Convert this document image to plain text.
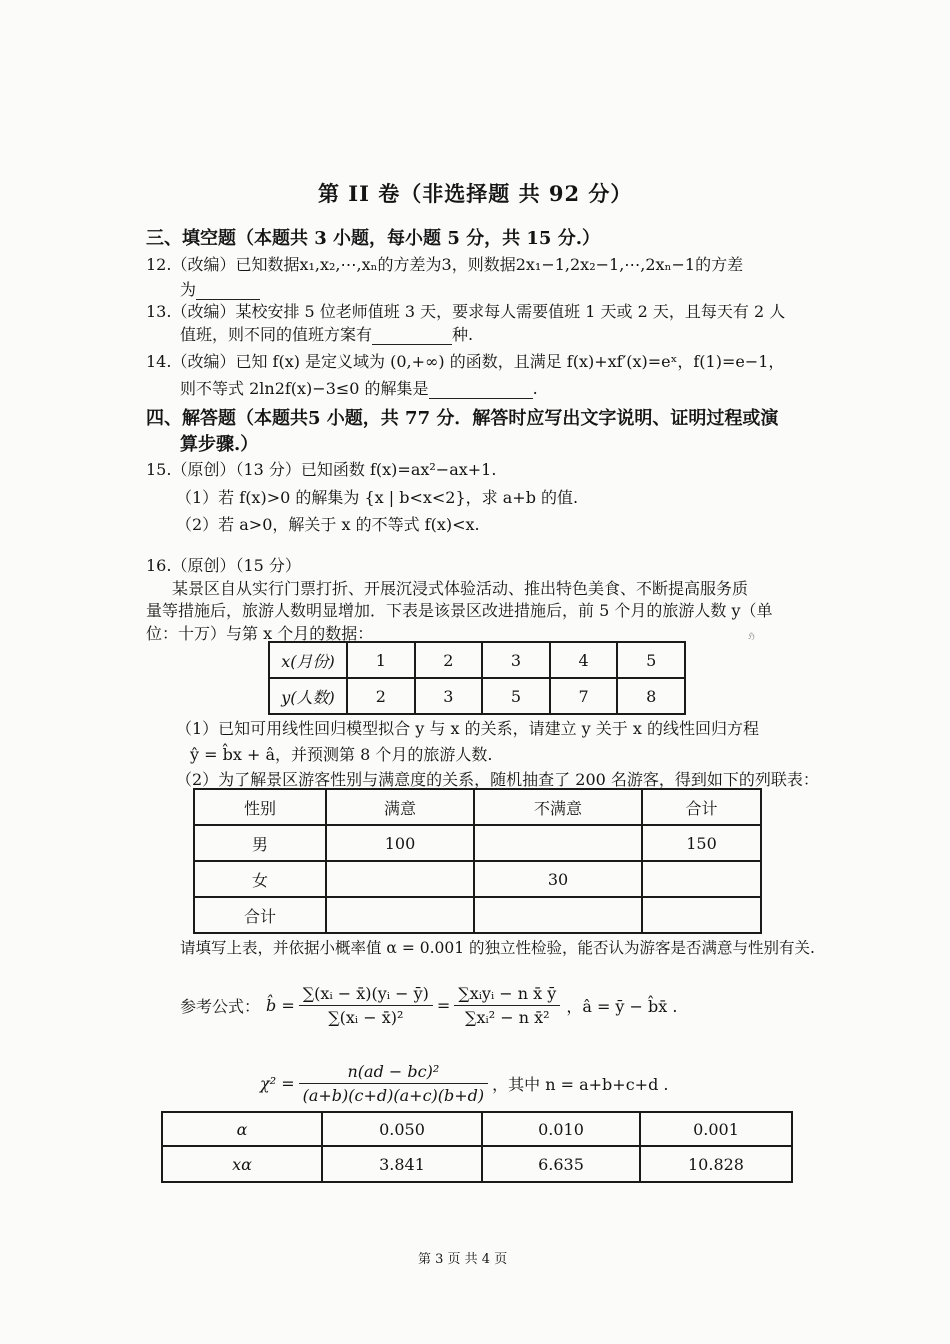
第 II 卷（非选择题 共 92 分）
三、填空题（本题共 3 小题，每小题 5 分，共 15 分.）
12.（改编）已知数据x₁,x₂,⋯,xₙ的方差为3，则数据2x₁−1,2x₂−1,⋯,2xₙ−1的方差
为
13.（改编）某校安排 5 位老师值班 3 天，要求每人需要值班 1 天或 2 天，且每天有 2 人
值班，则不同的值班方案有	种.
14.（改编）已知 f(x) 是定义域为 (0,+∞) 的函数，且满足 f(x)+xf′(x)=eˣ，f(1)=e−1，
则不等式 2ln2f(x)−3≤0 的解集是	.
四、解答题（本题共5 小题，共 77 分．解答时应写出文字说明、证明过程或演
算步骤.）
15.（原创）（13 分）已知函数 f(x)=ax²−ax+1.
（1）若 f(x)>0 的解集为 {x | b<x<2}，求 a+b 的值.
（2）若 a>0，解关于 x 的不等式 f(x)<x.
16.（原创）（15 分）
某景区自从实行门票打折、开展沉浸式体验活动、推出特色美食、不断提高服务质
量等措施后，旅游人数明显增加．下表是该景区改进措施后，前 5 个月的旅游人数 y（单
位：十万）与第 x 个月的数据：	ℌ
x(月份)	1	2	3	4	5
y(人数)	2	3	5	7	8
（1）已知可用线性回归模型拟合 y 与 x 的关系，请建立 y 关于 x 的线性回归方程
ŷ = b̂x + â，并预测第 8 个月的旅游人数.
（2）为了解景区游客性别与满意度的关系，随机抽查了 200 名游客，得到如下的列联表：
性别	满意	不满意	合计
男	100		150
女		30	
合计			
请填写上表，并依据小概率值 α = 0.001 的独立性检验，能否认为游客是否满意与性别有关.
参考公式： b̂ = $\frac{\text{∑(xᵢ − x̄)(yᵢ − ȳ)}}{\text{∑(xᵢ − x̄)²}} = \frac{\text{∑xᵢyᵢ − n x̄ ȳ}}{\text{∑xᵢ² − n x̄²}}$ ，â = ȳ − b̂x̄ .
$\chi^2 = \frac{\text{n(ad − bc)²}}{(a+b)(c+d)(a+c)(b+d)}$ ，其中 n = a+b+c+d .
α	0.050	0.010	0.001
xα	3.841	6.635	10.828
第 3 页 共 4 页
